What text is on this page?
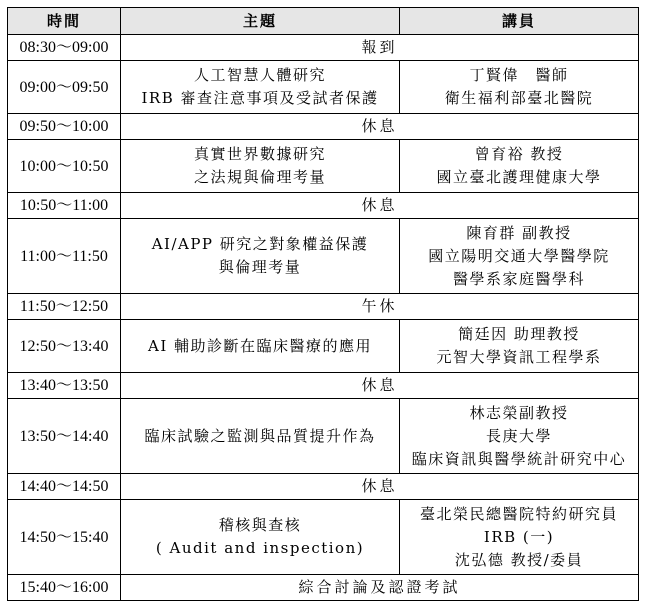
時間	主題	講員
08:30～09:00	報到	
09:00～09:50	人工智慧人體研究
IRB 審查注意事項及受試者保護	丁賢偉　醫師
衛生福利部臺北醫院

09:50～10:00	休息	
10:00～10:50	真實世界數據研究
之法規與倫理考量	曾育裕 教授
國立臺北護理健康大學

10:50～11:00	休息	
11:00～11:50	AI/APP 研究之對象權益保護
與倫理考量	陳育群 副教授
國立陽明交通大學醫學院
醫學系家庭醫學科

11:50～12:50	午休	
12:50～13:40	AI 輔助診斷在臨床醫療的應用	簡廷因 助理教授
元智大學資訊工程學系

13:40～13:50	休息	
13:50～14:40	臨床試驗之監測與品質提升作為	林志榮副教授
長庚大學
臨床資訊與醫學統計研究中心

14:40～14:50	休息	
14:50～15:40	稽核與查核
( Audit and inspection)	臺北榮民總醫院特約研究員
IRB (一)
沈弘德 教授/委員

15:40～16:00	綜合討論及認證考試	
